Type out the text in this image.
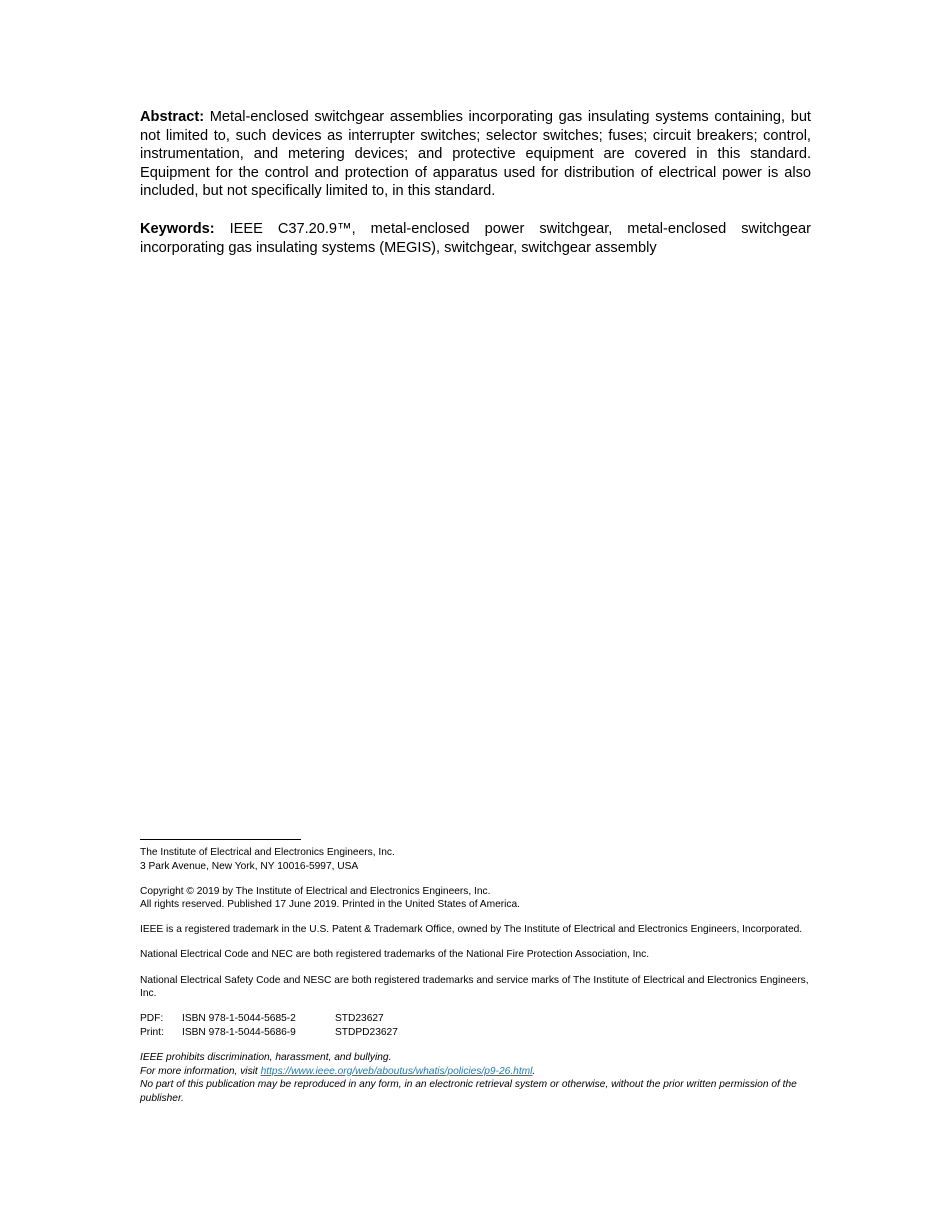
Abstract: Metal-enclosed switchgear assemblies incorporating gas insulating systems containing, but not limited to, such devices as interrupter switches; selector switches; fuses; circuit breakers; control, instrumentation, and metering devices; and protective equipment are covered in this standard. Equipment for the control and protection of apparatus used for distribution of electrical power is also included, but not specifically limited to, in this standard.
Keywords: IEEE C37.20.9™, metal-enclosed power switchgear, metal-enclosed switchgear incorporating gas insulating systems (MEGIS), switchgear, switchgear assembly

The Institute of Electrical and Electronics Engineers, Inc.
3 Park Avenue, New York, NY 10016-5997, USA

Copyright © 2019 by The Institute of Electrical and Electronics Engineers, Inc.
All rights reserved. Published 17 June 2019. Printed in the United States of America.

IEEE is a registered trademark in the U.S. Patent & Trademark Office, owned by The Institute of Electrical and Electronics Engineers, Incorporated.

National Electrical Code and NEC are both registered trademarks of the National Fire Protection Association, Inc.

National Electrical Safety Code and NESC are both registered trademarks and service marks of The Institute of Electrical and Electronics Engineers, Inc.

PDF:	ISBN 978-1-5044-5685-2	STD23627
Print:	ISBN 978-1-5044-5686-9	STDPD23627

IEEE prohibits discrimination, harassment, and bullying.

For more information, visit https://www.ieee.org/web/aboutus/whatis/policies/p9-26.html.

No part of this publication may be reproduced in any form, in an electronic retrieval system or otherwise, without the prior written permission of the publisher.
